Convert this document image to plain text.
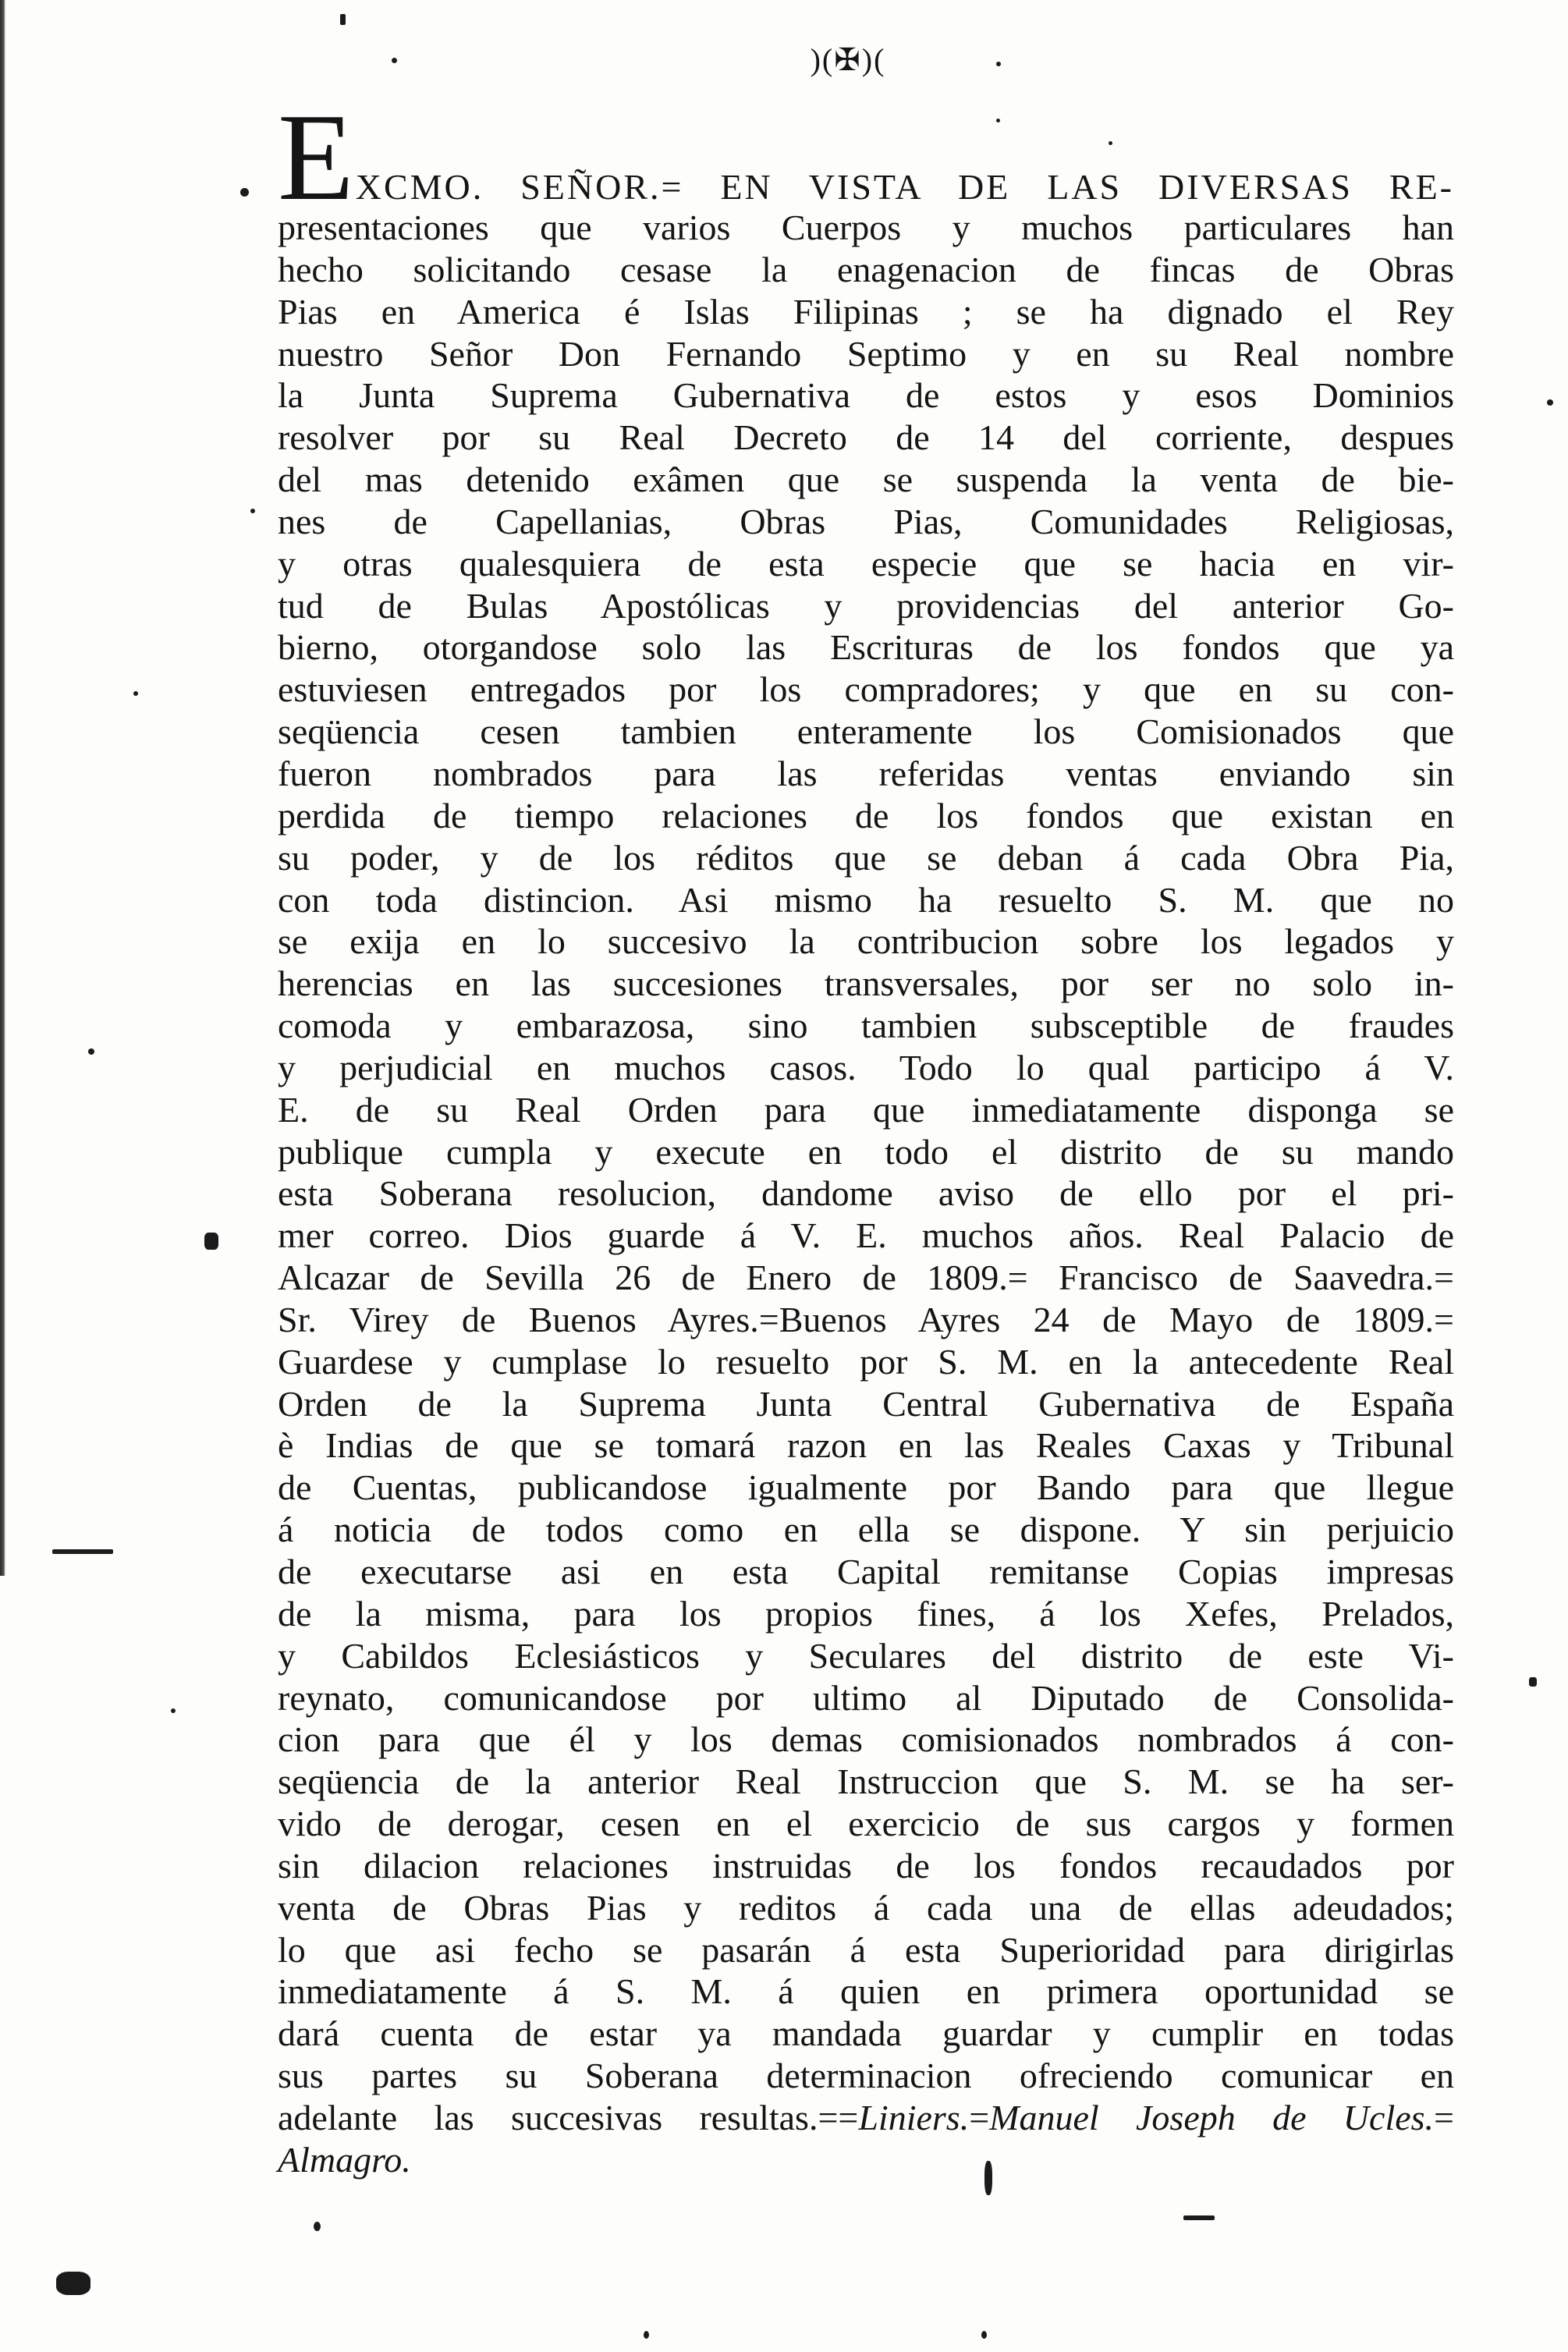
)(✠)(
E XCMO. SEÑOR.= EN VISTA DE LAS DIVERSAS RE-
presentaciones que varios Cuerpos y muchos particulares han
hecho solicitando cesase la enagenacion de fincas de Obras
Pias en America é Islas Filipinas ; se ha dignado el Rey
nuestro Señor Don Fernando Septimo y en su Real nombre
la Junta Suprema Gubernativa de estos y esos Dominios
resolver por su Real Decreto de 14 del corriente, despues
del mas detenido exâmen que se suspenda la venta de bie-
nes de Capellanias, Obras Pias, Comunidades Religiosas,
y otras qualesquiera de esta especie que se hacia en vir-
tud de Bulas Apostólicas y providencias del anterior Go-
bierno, otorgandose solo las Escrituras de los fondos que ya
estuviesen entregados por los compradores; y que en su con-
seqüencia cesen tambien enteramente los Comisionados que
fueron nombrados para las referidas ventas enviando sin
perdida de tiempo relaciones de los fondos que existan en
su poder, y de los réditos que se deban á cada Obra Pia,
con toda distincion. Asi mismo ha resuelto S. M. que no
se exija en lo succesivo la contribucion sobre los legados y
herencias en las succesiones transversales, por ser no solo in-
comoda y embarazosa, sino tambien subsceptible de fraudes
y perjudicial en muchos casos. Todo lo qual participo á V.
E. de su Real Orden para que inmediatamente disponga se
publique cumpla y execute en todo el distrito de su mando
esta Soberana resolucion, dandome aviso de ello por el pri-
mer correo. Dios guarde á V. E. muchos años. Real Palacio de
Alcazar de Sevilla 26 de Enero de 1809.= Francisco de Saavedra.=
Sr. Virey de Buenos Ayres.=Buenos Ayres 24 de Mayo de 1809.=
Guardese y cumplase lo resuelto por S. M. en la antecedente Real
Orden de la Suprema Junta Central Gubernativa de España
è Indias de que se tomará razon en las Reales Caxas y Tribunal
de Cuentas, publicandose igualmente por Bando para que llegue
á noticia de todos como en ella se dispone. Y sin perjuicio
de executarse asi en esta Capital remitanse Copias impresas
de la misma, para los propios fines, á los Xefes, Prelados,
y Cabildos Eclesiásticos y Seculares del distrito de este Vi-
reynato, comunicandose por ultimo al Diputado de Consolida-
cion para que él y los demas comisionados nombrados á con-
seqüencia de la anterior Real Instruccion que S. M. se ha ser-
vido de derogar, cesen en el exercicio de sus cargos y formen
sin dilacion relaciones instruidas de los fondos recaudados por
venta de Obras Pias y reditos á cada una de ellas adeudados;
lo que asi fecho se pasarán á esta Superioridad para dirigirlas
inmediatamente á S. M. á quien en primera oportunidad se
dará cuenta de estar ya mandada guardar y cumplir en todas
sus partes su Soberana determinacion ofreciendo comunicar en
adelante las succesivas resultas.==Liniers.=Manuel Joseph de Ucles.=
Almagro.
